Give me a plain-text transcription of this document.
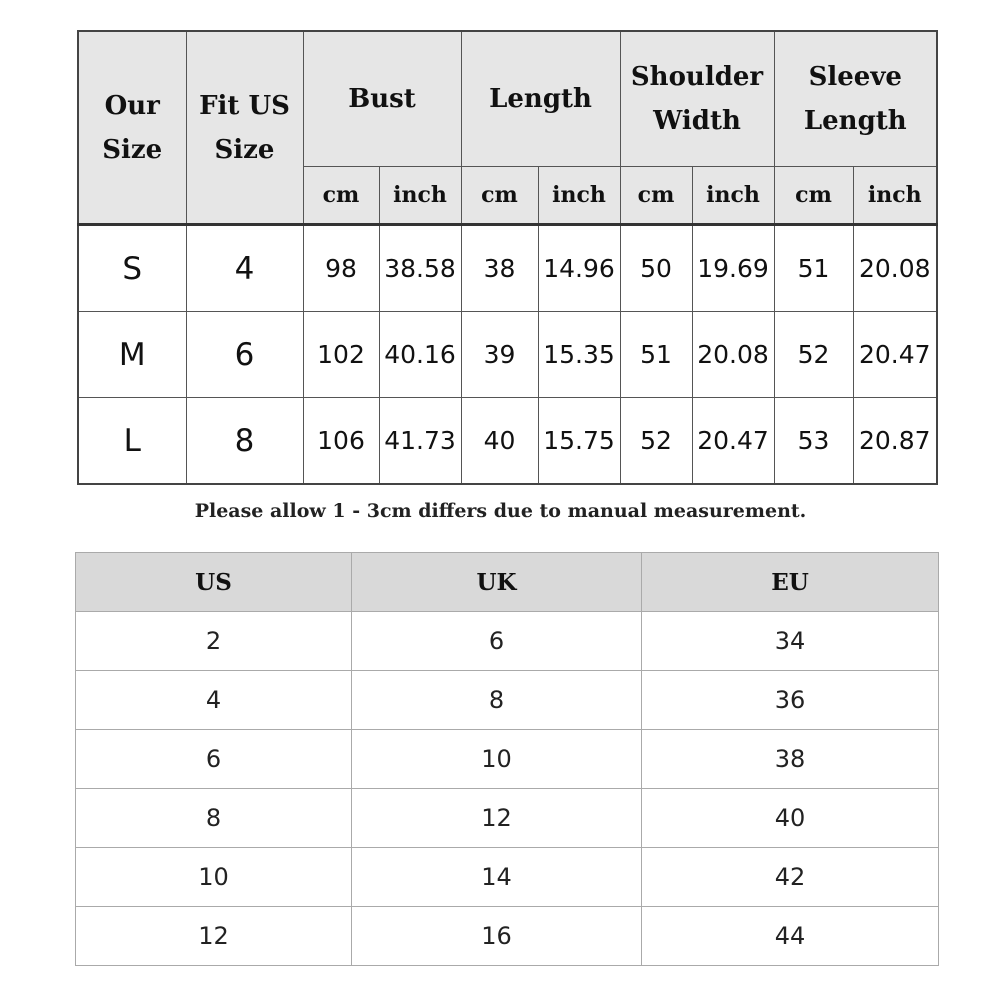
Our Size	Fit US Size	Bust		Length		Shoulder Width		Sleeve Length	
		cm	inch	cm	inch	cm	inch	cm	inch
S	4	98	38.58	38	14.96	50	19.69	51	20.08
M	6	102	40.16	39	15.35	51	20.08	52	20.47
L	8	106	41.73	40	15.75	52	20.47	53	20.87
Please allow 1 - 3cm differs due to manual measurement.
US	UK	EU
2	6	34
4	8	36
6	10	38
8	12	40
10	14	42
12	16	44
